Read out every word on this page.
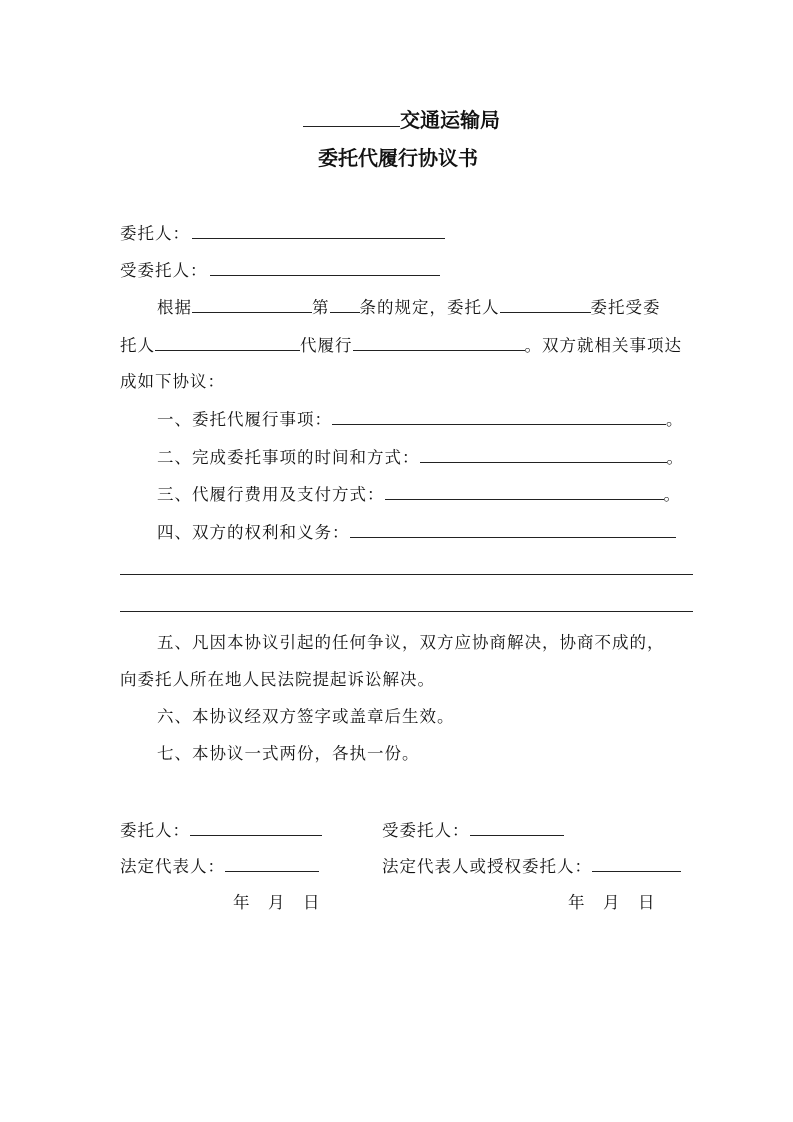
交通运输局
委托代履行协议书
委托人：
受委托人：
根据	第 条的规定，委托人	委托受委
托人	代履行	。双方就相关事项达
成如下协议：
一、委托代履行事项：	。
二、完成委托事项的时间和方式：	。
三、代履行费用及支付方式：	。
四、双方的权利和义务：
五、凡因本协议引起的任何争议，双方应协商解决，协商不成的，
向委托人所在地人民法院提起诉讼解决。
六、本协议经双方签字或盖章后生效。
七、本协议一式两份，各执一份。
委托人：	受委托人：
法定代表人：	法定代表人或授权委托人：
年　月　日	年　月　日
